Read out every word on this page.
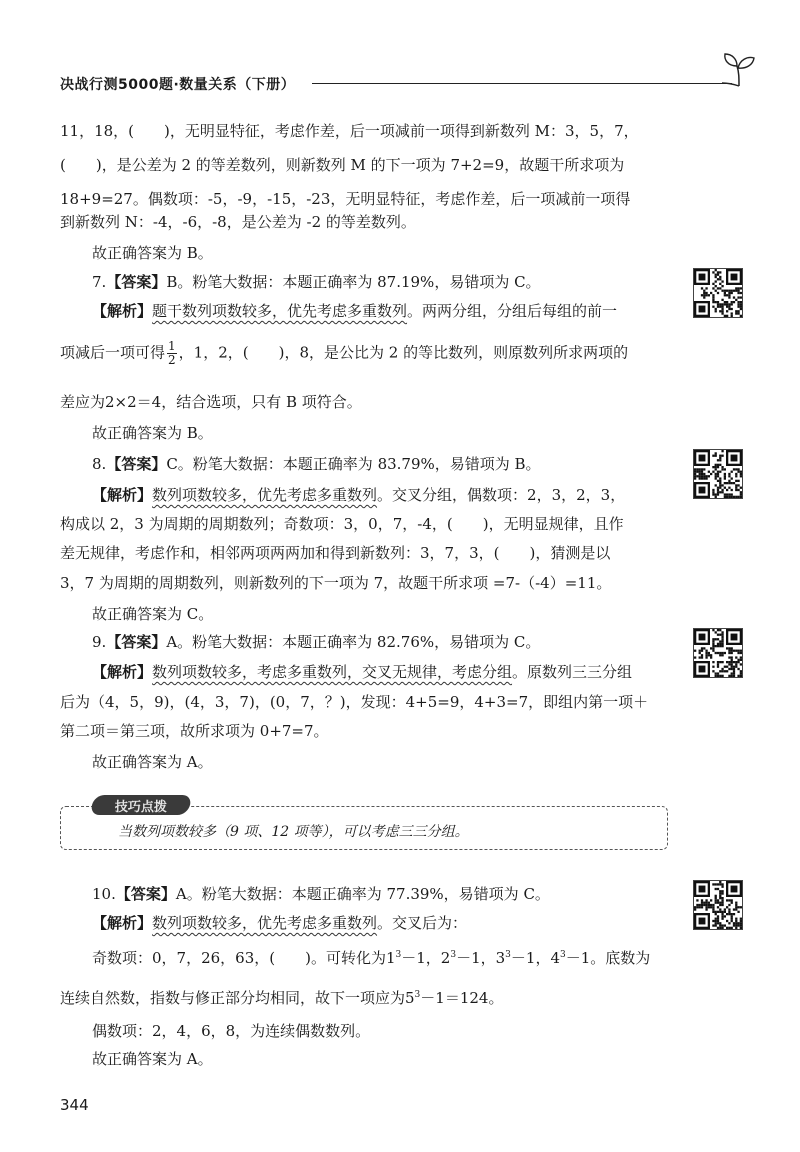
决战行测5000题·数量关系（下册）
11，18，(　　)，无明显特征，考虑作差，后一项减前一项得到新数列 M：3，5，7，
(　　)，是公差为 2 的等差数列，则新数列 M 的下一项为 7+2=9，故题干所求项为
18+9=27。偶数项：-5，-9，-15，-23，无明显特征，考虑作差，后一项减前一项得
到新数列 N：-4，-6，-8，是公差为 -2 的等差数列。
故正确答案为 B。
7.【答案】B。粉笔大数据：本题正确率为 87.19%，易错项为 C。
【解析】题干数列项数较多，优先考虑多重数列。两两分组，分组后每组的前一
项减后一项可得 $\frac{1}{2}$ ，1，2，(　　)，8，是公比为 2 的等比数列，则原数列所求两项的
差应为2×2＝4，结合选项，只有 B 项符合。
故正确答案为 B。
8.【答案】C。粉笔大数据：本题正确率为 83.79%，易错项为 B。
【解析】数列项数较多，优先考虑多重数列。交叉分组，偶数项：2，3，2，3，
构成以 2，3 为周期的周期数列；奇数项：3，0，7，-4，(　　)，无明显规律，且作
差无规律，考虑作和，相邻两项两两加和得到新数列：3，7，3，(　　)，猜测是以
3，7 为周期的周期数列，则新数列的下一项为 7，故题干所求项 =7-（-4）=11。
故正确答案为 C。
9.【答案】A。粉笔大数据：本题正确率为 82.76%，易错项为 C。
【解析】数列项数较多，考虑多重数列，交叉无规律，考虑分组。原数列三三分组
后为（4，5，9)，(4，3，7)，(0，7，？)，发现：4+5=9，4+3=7，即组内第一项＋
第二项＝第三项，故所求项为 0+7=7。
故正确答案为 A。
技巧点拨
当数列项数较多（9 项、12 项等），可以考虑三三分组。
10.【答案】A。粉笔大数据：本题正确率为 77.39%，易错项为 C。
【解析】数列项数较多，优先考虑多重数列。交叉后为：
奇数项：0，7，26，63，(　　)。可转化为$1^3-1$，$2^3-1$，$3^3-1$，$4^3-1$。底数为
连续自然数，指数与修正部分均相同，故下一项应为$5^3-1=124$。
偶数项：2，4，6，8，为连续偶数数列。
故正确答案为 A。
344
